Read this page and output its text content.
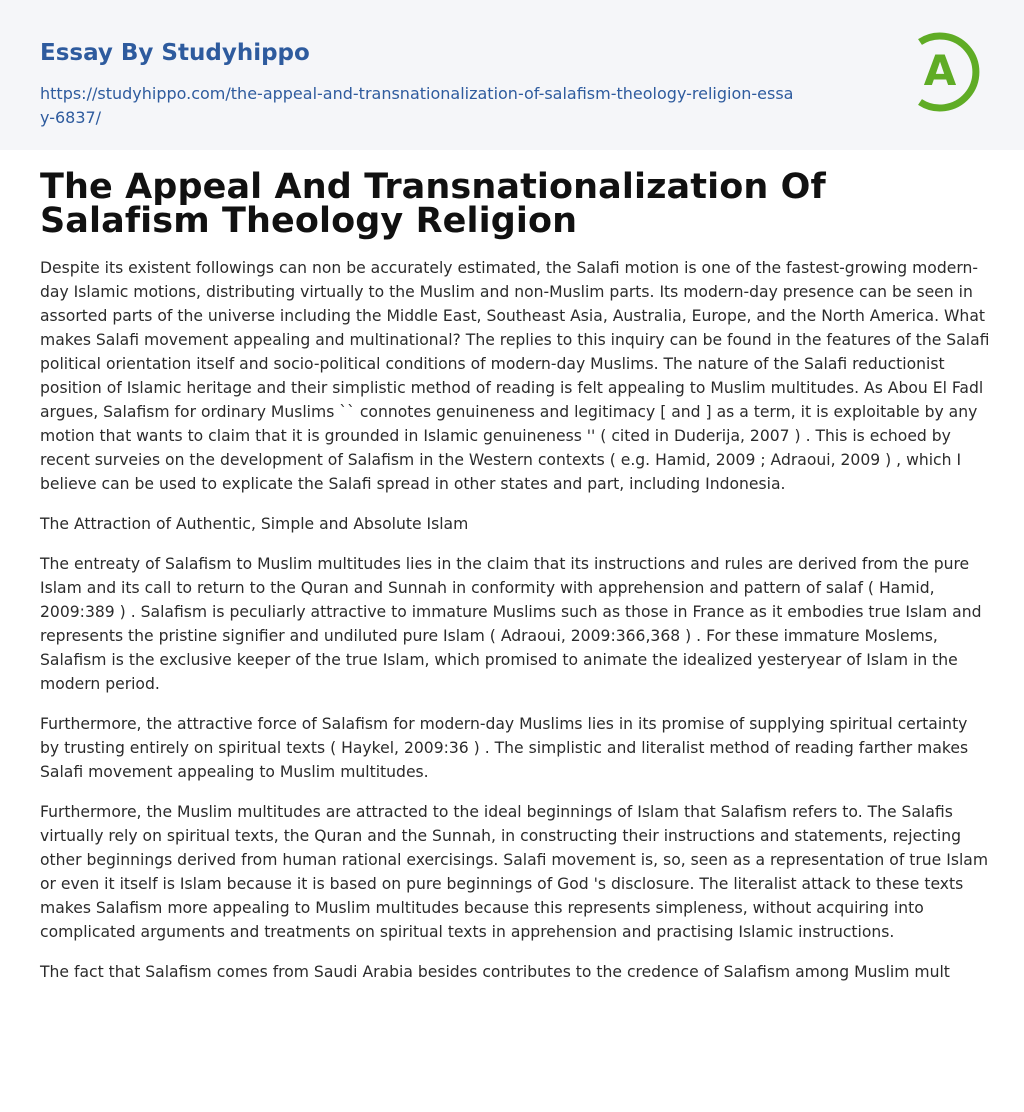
Essay By Studyhippo
https://studyhippo.com/the-appeal-and-transnationalization-of-salafism-theology-religion-essay-6837/
A
The Appeal And Transnationalization Of Salafism Theology Religion

Despite its existent followings can non be accurately estimated, the Salafi motion is one of the fastest-growing modern-day Islamic motions, distributing virtually to the Muslim and non-Muslim parts. Its modern-day presence can be seen in assorted parts of the universe including the Middle East, Southeast Asia, Australia, Europe, and the North America. What makes Salafi movement appealing and multinational? The replies to this inquiry can be found in the features of the Salafi political orientation itself and socio-political conditions of modern-day Muslims. The nature of the Salafi reductionist position of Islamic heritage and their simplistic method of reading is felt appealing to Muslim multitudes. As Abou El Fadl argues, Salafism for ordinary Muslims `` connotes genuineness and legitimacy [ and ] as a term, it is exploitable by any motion that wants to claim that it is grounded in Islamic genuineness '' ( cited in Duderija, 2007 ) . This is echoed by recent surveies on the development of Salafism in the Western contexts ( e.g. Hamid, 2009 ; Adraoui, 2009 ) , which I believe can be used to explicate the Salafi spread in other states and part, including Indonesia.

The Attraction of Authentic, Simple and Absolute Islam

The entreaty of Salafism to Muslim multitudes lies in the claim that its instructions and rules are derived from the pure Islam and its call to return to the Quran and Sunnah in conformity with apprehension and pattern of salaf ( Hamid, 2009:389 ) . Salafism is peculiarly attractive to immature Muslims such as those in France as it embodies true Islam and represents the pristine signifier and undiluted pure Islam ( Adraoui, 2009:366,368 ) . For these immature Moslems, Salafism is the exclusive keeper of the true Islam, which promised to animate the idealized yesteryear of Islam in the modern period.

Furthermore, the attractive force of Salafism for modern-day Muslims lies in its promise of supplying spiritual certainty by trusting entirely on spiritual texts ( Haykel, 2009:36 ) . The simplistic and literalist method of reading farther makes Salafi movement appealing to Muslim multitudes.

Furthermore, the Muslim multitudes are attracted to the ideal beginnings of Islam that Salafism refers to. The Salafis virtually rely on spiritual texts, the Quran and the Sunnah, in constructing their instructions and statements, rejecting other beginnings derived from human rational exercisings. Salafi movement is, so, seen as a representation of true Islam or even it itself is Islam because it is based on pure beginnings of God 's disclosure. The literalist attack to these texts makes Salafism more appealing to Muslim multitudes because this represents simpleness, without acquiring into complicated arguments and treatments on spiritual texts in apprehension and practising Islamic instructions.

The fact that Salafism comes from Saudi Arabia besides contributes to the credence of Salafism among Muslim mult
